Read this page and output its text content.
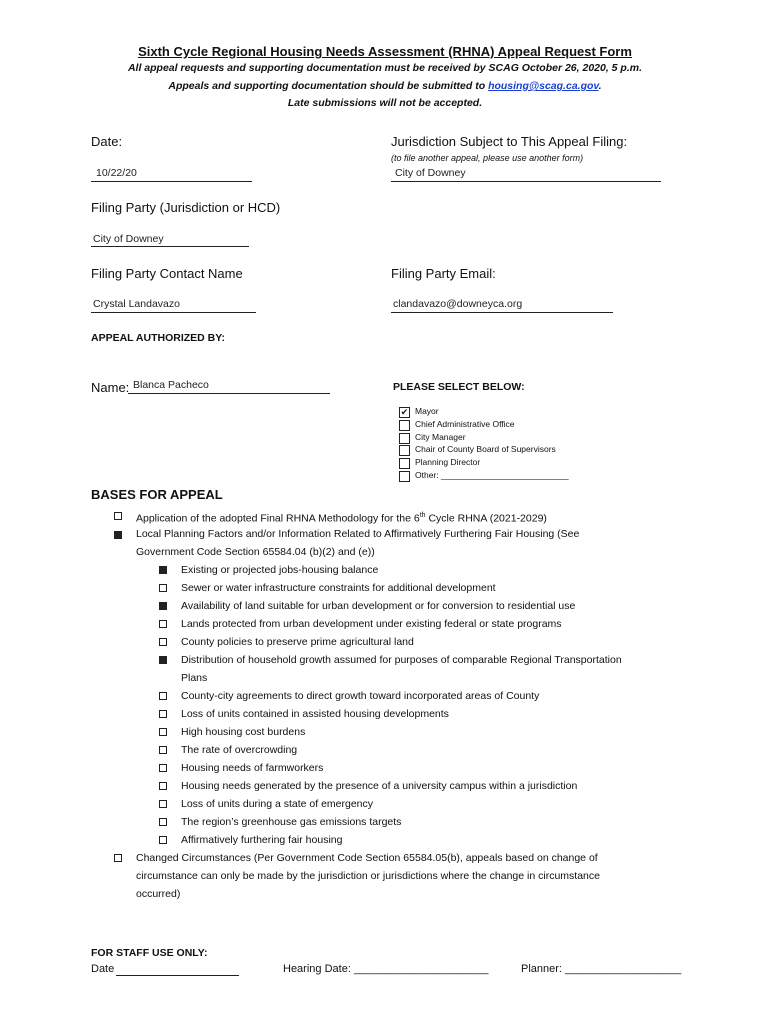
Sixth Cycle Regional Housing Needs Assessment (RHNA) Appeal Request Form
All appeal requests and supporting documentation must be received by SCAG October 26, 2020, 5 p.m.
Appeals and supporting documentation should be submitted to housing@scag.ca.gov.
Late submissions will not be accepted.
Date:
10/22/20
Jurisdiction Subject to This Appeal Filing:
(to file another appeal, please use another form)
City of Downey
Filing Party (Jurisdiction or HCD)
City of Downey
Filing Party Contact Name
Crystal Landavazo
Filing Party Email:
clandavazo@downeyca.org
APPEAL AUTHORIZED BY:
Name: Blanca Pacheco	PLEASE SELECT BELOW:
✔ Mayor
Chief Administrative Office
City Manager
Chair of County Board of Supervisors
Planning Director
Other: ___________________________
BASES FOR APPEAL
Application of the adopted Final RHNA Methodology for the 6th Cycle RHNA (2021-2029)
Local Planning Factors and/or Information Related to Affirmatively Furthering Fair Housing (See
Government Code Section 65584.04 (b)(2) and (e))
Existing or projected jobs-housing balance
Sewer or water infrastructure constraints for additional development
Availability of land suitable for urban development or for conversion to residential use
Lands protected from urban development under existing federal or state programs
County policies to preserve prime agricultural land
Distribution of household growth assumed for purposes of comparable Regional Transportation
Plans
County-city agreements to direct growth toward incorporated areas of County
Loss of units contained in assisted housing developments
High housing cost burdens
The rate of overcrowding
Housing needs of farmworkers
Housing needs generated by the presence of a university campus within a jurisdiction
Loss of units during a state of emergency
The region’s greenhouse gas emissions targets
Affirmatively furthering fair housing
Changed Circumstances (Per Government Code Section 65584.05(b), appeals based on change of
circumstance can only be made by the jurisdiction or jurisdictions where the change in circumstance
occurred)
FOR STAFF USE ONLY:
Date	Hearing Date: ______________________	Planner: ___________________
